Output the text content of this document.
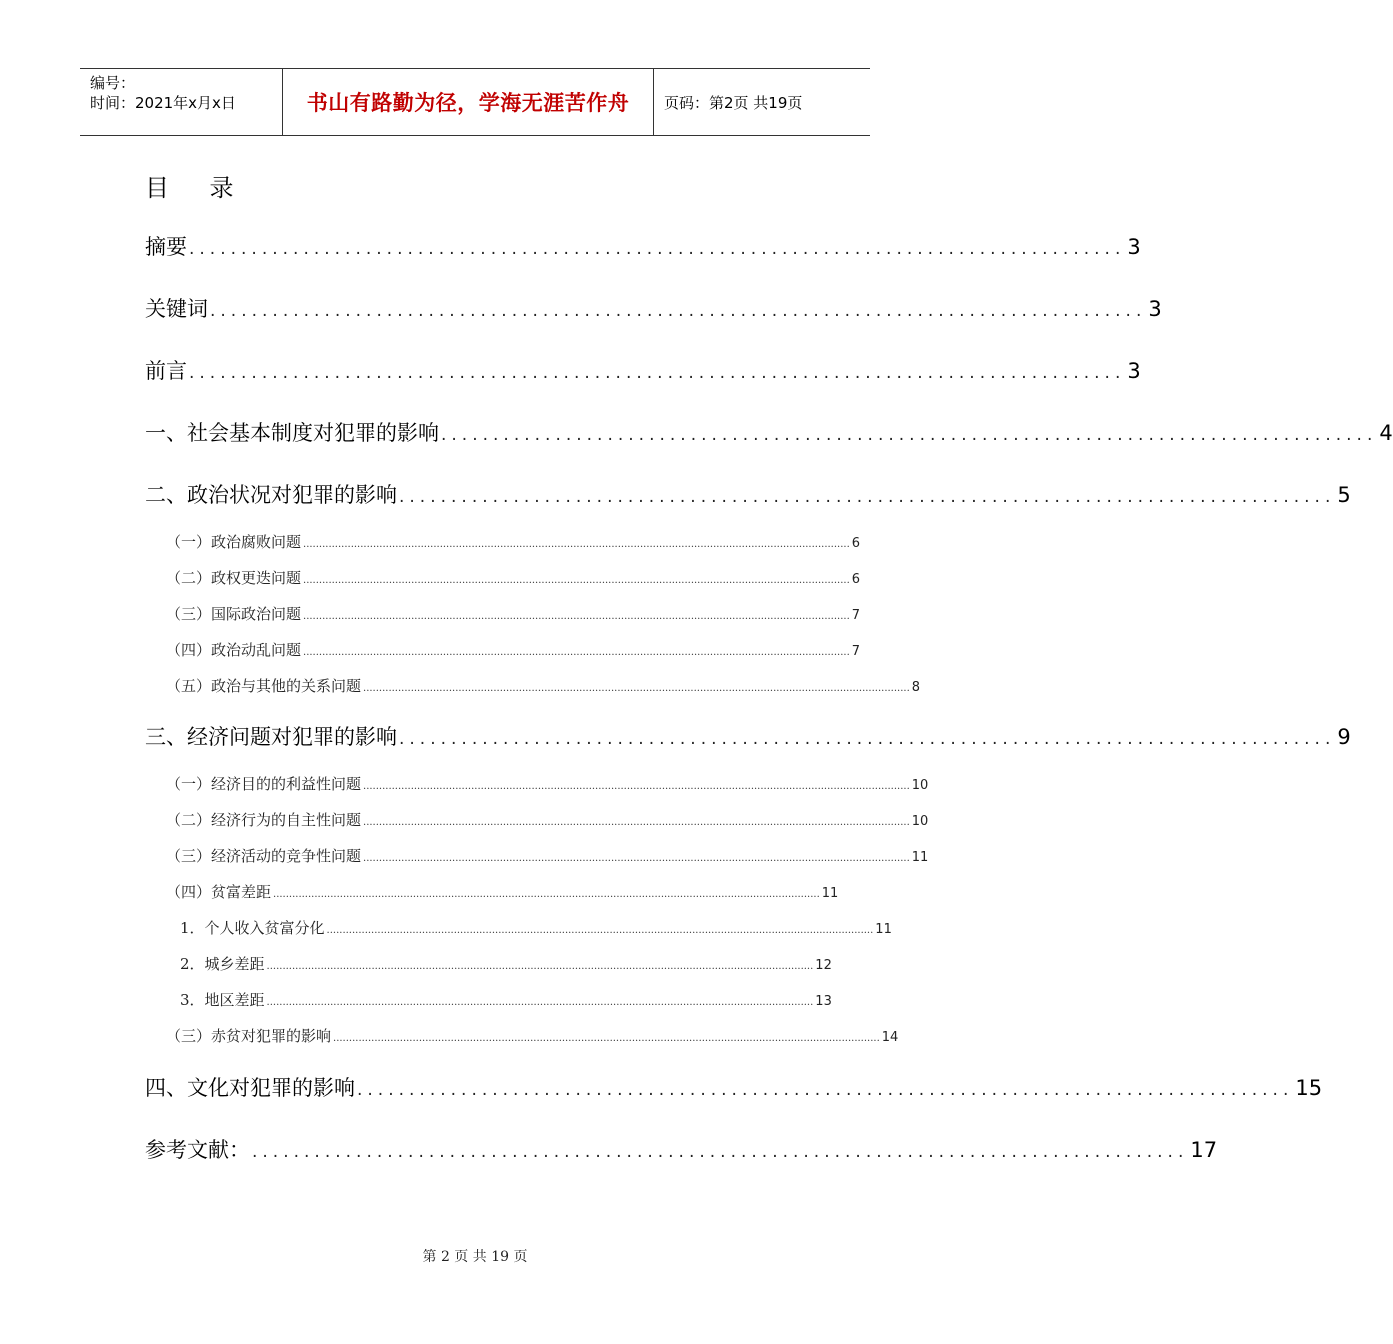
编号：
时间：2021年x月x日	书山有路勤为径，学海无涯苦作舟	页码：第2页 共19页
目    录
摘要 .......................................................................................... 3
关键词 .......................................................................................... 3
前言 .......................................................................................... 3
一、社会基本制度对犯罪的影响 .......................................................................................... 4
二、政治状况对犯罪的影响 .......................................................................................... 5
（一）政治腐败问题 ............................................................................................................................................................................ 6
（二）政权更迭问题 ............................................................................................................................................................................ 6
（三）国际政治问题 ............................................................................................................................................................................ 7
（四）政治动乱问题 ............................................................................................................................................................................ 7
（五）政治与其他的关系问题 ............................................................................................................................................................................ 8
三、经济问题对犯罪的影响 .......................................................................................... 9
（一）经济目的的利益性问题 ............................................................................................................................................................................ 10
（二）经济行为的自主性问题 ............................................................................................................................................................................ 10
（三）经济活动的竞争性问题 ............................................................................................................................................................................ 11
（四）贫富差距 ............................................................................................................................................................................ 11
1．个人收入贫富分化 ............................................................................................................................................................................ 11
2．城乡差距 ............................................................................................................................................................................ 12
3．地区差距 ............................................................................................................................................................................ 13
（三）赤贫对犯罪的影响 ............................................................................................................................................................................ 14
四、文化对犯罪的影响 .......................................................................................... 15
参考文献： .......................................................................................... 17
第 2 页 共 19 页
